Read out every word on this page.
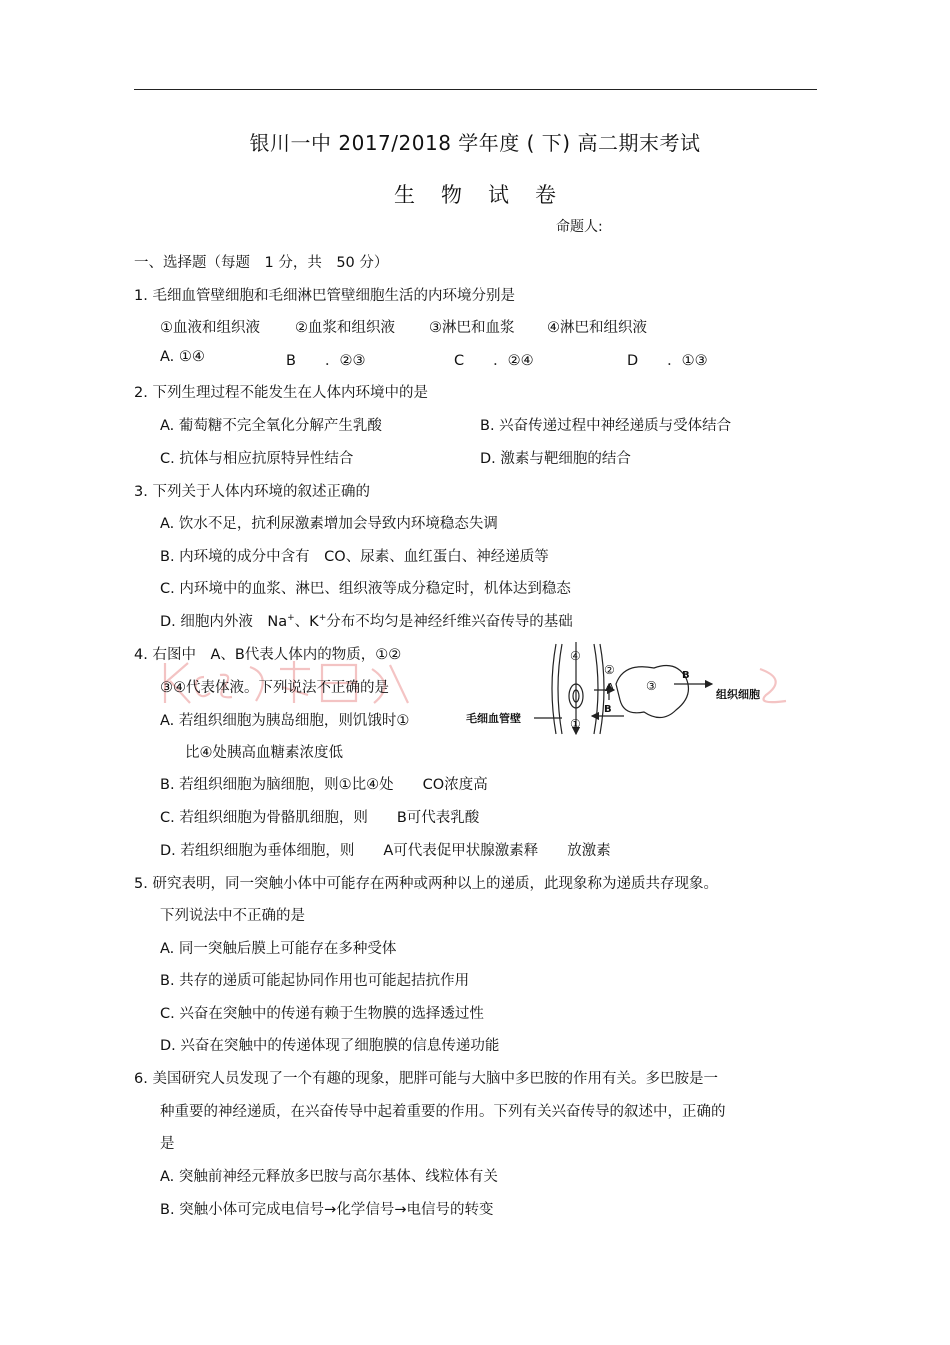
银川一中 2017/2018 学年度 ( 下) 高二期末考试
生物试卷
命题人:
一、选择题（每题　1 分，共　50 分）
1. 毛细血管壁细胞和毛细淋巴管壁细胞生活的内环境分别是
①血液和组织液 ②血浆和组织液 ③淋巴和血浆 ④淋巴和组织液
A. ①④	B　　．②③	C　　．②④	D　　．①③
2. 下列生理过程不能发生在人体内环境中的是
A. 葡萄糖不完全氧化分解产生乳酸	B. 兴奋传递过程中神经递质与受体结合
C. 抗体与相应抗原特异性结合	D. 激素与靶细胞的结合
3. 下列关于人体内环境的叙述正确的
A. 饮水不足，抗利尿激素增加会导致内环境稳态失调
B. 内环境的成分中含有　CO、尿素、血红蛋白、神经递质等
C. 内环境中的血浆、淋巴、组织液等成分稳定时，机体达到稳态
D. 细胞内外液　Na+、K+分布不均匀是神经纤维兴奋传导的基础
4. 右图中　A、B代表人体内的物质，①②
③④代表体液。下列说法不正确的是
A. 若组织细胞为胰岛细胞，则饥饿时①
比④处胰高血糖素浓度低
B. 若组织细胞为脑细胞，则①比④处　　CO浓度高
C. 若组织细胞为骨骼肌细胞，则　　B可代表乳酸
D. 若组织细胞为垂体细胞，则　　A可代表促甲状腺激素释　　放激素
④
②
③
①
A
B
B
组织细胞
毛细血管壁
5. 研究表明，同一突触小体中可能存在两种或两种以上的递质，此现象称为递质共存现象。
下列说法中不正确的是
A. 同一突触后膜上可能存在多种受体
B. 共存的递质可能起协同作用也可能起拮抗作用
C. 兴奋在突触中的传递有赖于生物膜的选择透过性
D. 兴奋在突触中的传递体现了细胞膜的信息传递功能
6. 美国研究人员发现了一个有趣的现象，肥胖可能与大脑中多巴胺的作用有关。多巴胺是一
种重要的神经递质，在兴奋传导中起着重要的作用。下列有关兴奋传导的叙述中，正确的
是
A. 突触前神经元释放多巴胺与高尔基体、线粒体有关
B. 突触小体可完成电信号→化学信号→电信号的转变
